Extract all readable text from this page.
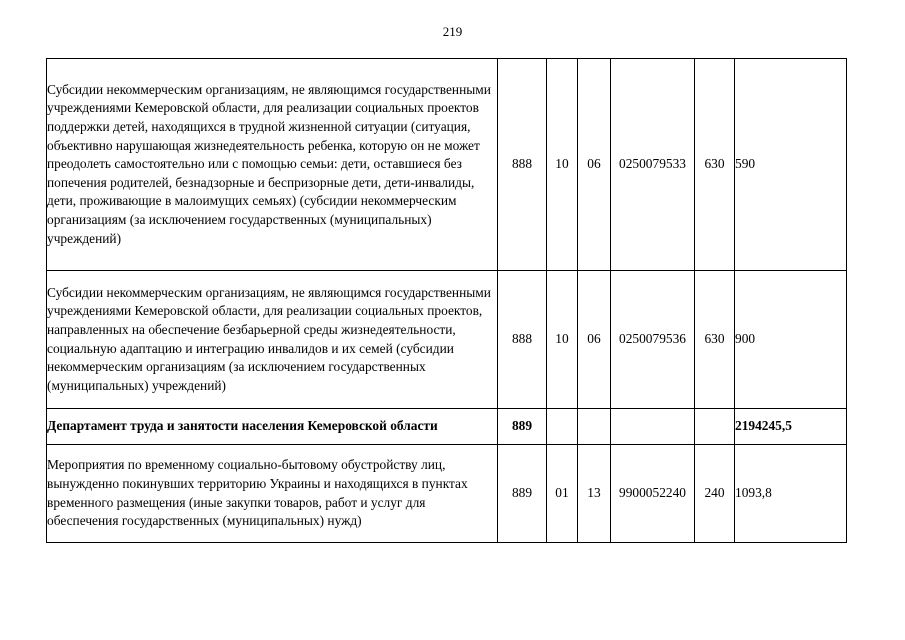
219
Субсидии некоммерческим организациям, не являющимся государственными учреждениями Кемеровской области, для реализации социальных проектов поддержки детей, находящихся в трудной жизненной ситуации (ситуация, объективно нарушающая жизнедеятельность ребенка, которую он не может преодолеть самостоятельно или с помощью семьи: дети, оставшиеся без попечения родителей, безнадзорные и беспризорные дети, дети-инвалиды, дети, проживающие в малоимущих семьях) (субсидии некоммерческим организациям (за исключением государственных (муниципальных) учреждений)	888	10	06	0250079533	630	590
Субсидии некоммерческим организациям, не являющимся государственными учреждениями Кемеровской области, для реализации социальных проектов, направленных на обеспечение безбарьерной среды жизнедеятельности, социальную адаптацию и интеграцию инвалидов и их семей (субсидии некоммерческим организациям (за исключением государственных (муниципальных) учреждений)	888	10	06	0250079536	630	900
Департамент труда и занятости населения Кемеровской области	889					2194245,5
Мероприятия по временному социально-бытовому обустройству лиц, вынужденно покинувших территорию Украины и находящихся в пунктах временного размещения (иные закупки товаров, работ и услуг для обеспечения государственных (муниципальных) нужд)	889	01	13	9900052240	240	1093,8
